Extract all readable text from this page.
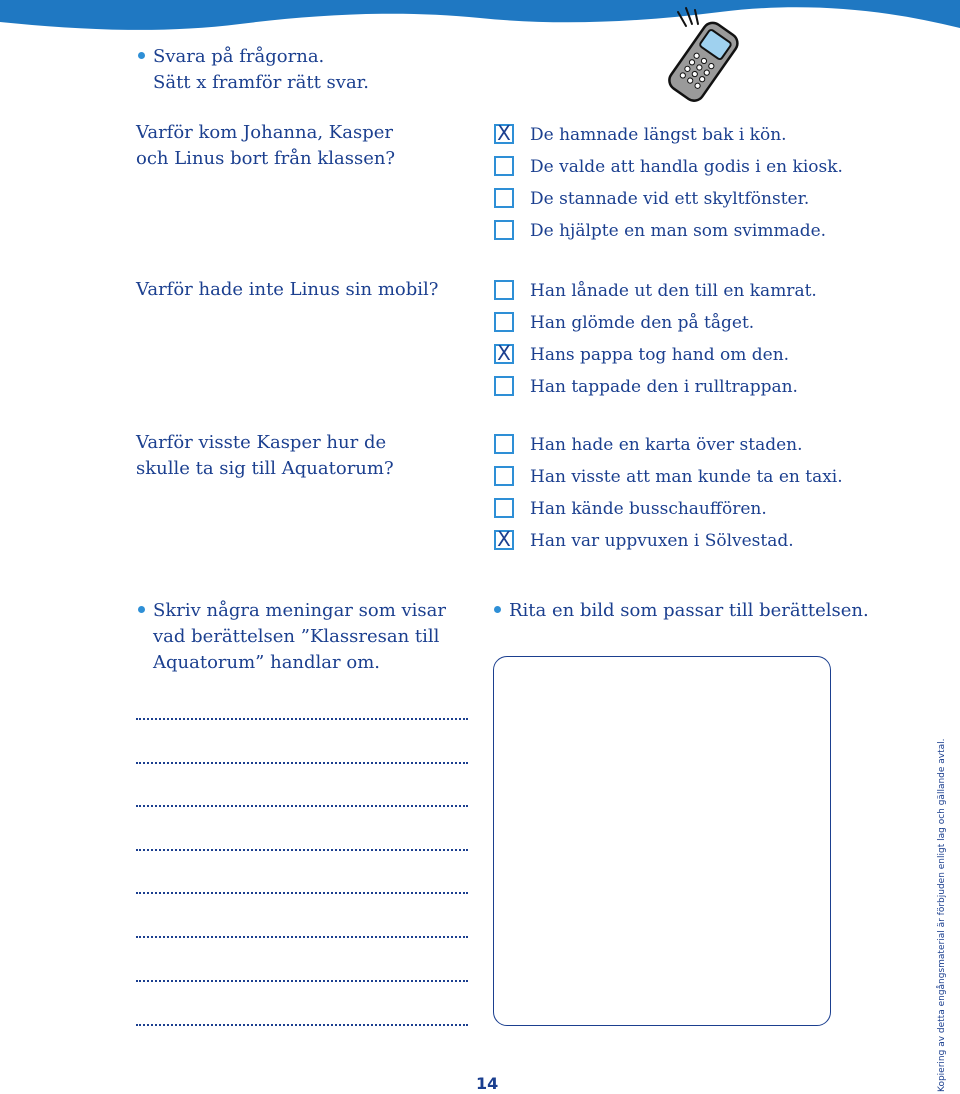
Svara på frågorna.
Sätt x framför rätt svar.
Varför kom Johanna, Kasper
och Linus bort från klassen?
X De hamnade längst bak i kön.
De valde att handla godis i en kiosk.
De stannade vid ett skyltfönster.
De hjälpte en man som svimmade.
Varför hade inte Linus sin mobil?	Han lånade ut den till en kamrat.
Han glömde den på tåget.
X Hans pappa tog hand om den.
Han tappade den i rulltrappan.
Varför visste Kasper hur de
skulle ta sig till Aquatorum?
Han hade en karta över staden.
Han visste att man kunde ta en taxi.
Han kände busschauffören.
X Han var uppvuxen i Sölvestad.
Skriv några meningar som visar
vad berättelsen ”Klassresan till
Aquatorum” handlar om.
Rita en bild som passar till berättelsen.
14	Kopiering av detta engångsmaterial är förbjuden enligt lag och gällande avtal.
